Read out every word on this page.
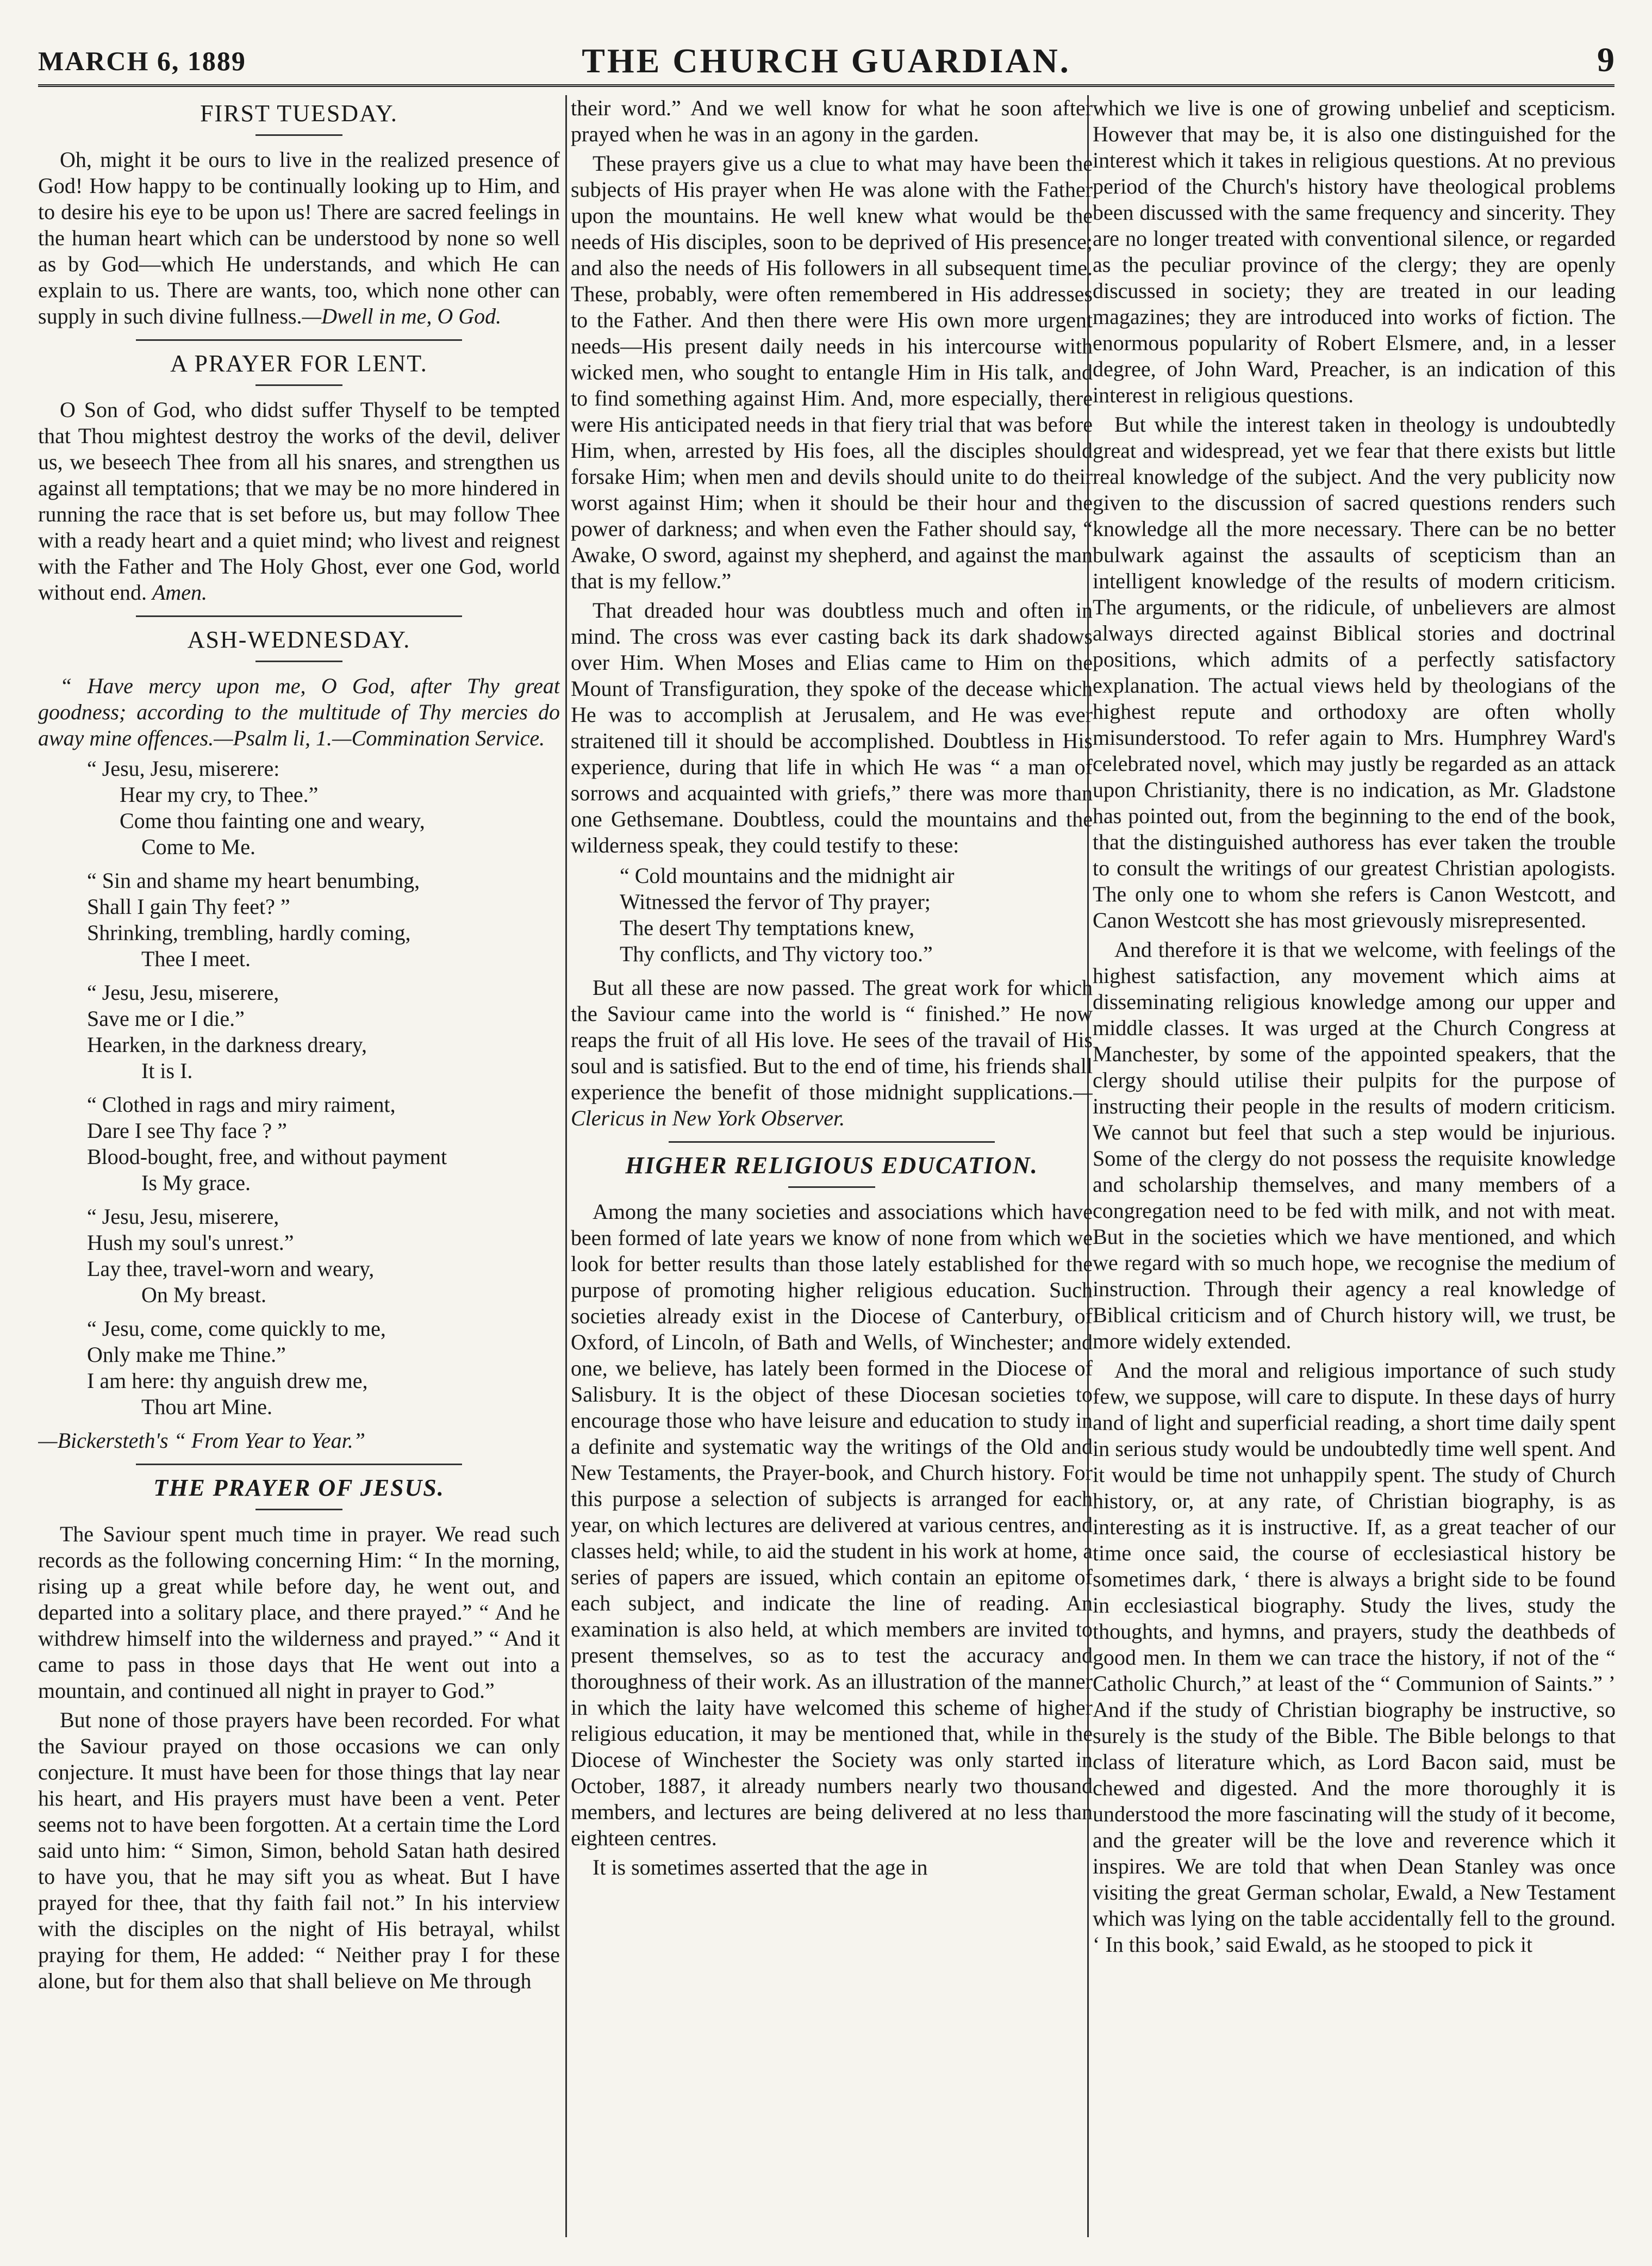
MARCH 6, 1889	THE CHURCH GUARDIAN.	9
FIRST TUESDAY.

Oh, might it be ours to live in the realized presence of God! How happy to be continually looking up to Him, and to desire his eye to be upon us! There are sacred feelings in the human heart which can be understood by none so well as by God—which He understands, and which He can explain to us. There are wants, too, which none other can supply in such divine fullness.—Dwell in me, O God.

A PRAYER FOR LENT.

O Son of God, who didst suffer Thyself to be tempted that Thou mightest destroy the works of the devil, deliver us, we beseech Thee from all his snares, and strengthen us against all temptations; that we may be no more hindered in running the race that is set before us, but may follow Thee with a ready heart and a quiet mind; who livest and reignest with the Father and The Holy Ghost, ever one God, world without end. Amen.

ASH-WEDNESDAY.

“ Have mercy upon me, O God, after Thy great goodness; according to the multitude of Thy mercies do away mine offences.—Psalm li, 1.—Commination Service.

“ Jesu, Jesu, miserere:
Hear my cry, to Thee.”
Come thou fainting one and weary,
Come to Me.
“ Sin and shame my heart benumbing,
Shall I gain Thy feet? ”
Shrinking, trembling, hardly coming,
Thee I meet.
“ Jesu, Jesu, miserere,
Save me or I die.”
Hearken, in the darkness dreary,
It is I.
“ Clothed in rags and miry raiment,
Dare I see Thy face ? ”
Blood-bought, free, and without payment
Is My grace.
“ Jesu, Jesu, miserere,
Hush my soul's unrest.”
Lay thee, travel-worn and weary,
On My breast.
“ Jesu, come, come quickly to me,
Only make me Thine.”
I am here: thy anguish drew me,
Thou art Mine.

—Bickersteth's “ From Year to Year.”

THE PRAYER OF JESUS.

The Saviour spent much time in prayer. We read such records as the following concerning Him: “ In the morning, rising up a great while before day, he went out, and departed into a solitary place, and there prayed.” “ And he withdrew himself into the wilderness and prayed.” “ And it came to pass in those days that He went out into a mountain, and continued all night in prayer to God.”

But none of those prayers have been recorded. For what the Saviour prayed on those occasions we can only conjecture. It must have been for those things that lay near his heart, and His prayers must have been a vent. Peter seems not to have been forgotten. At a certain time the Lord said unto him: “ Simon, Simon, behold Satan hath desired to have you, that he may sift you as wheat. But I have prayed for thee, that thy faith fail not.” In his interview with the disciples on the night of His betrayal, whilst praying for them, He added: “ Neither pray I for these alone, but for them also that shall believe on Me through

their word.” And we well know for what he soon after prayed when he was in an agony in the garden.

These prayers give us a clue to what may have been the subjects of His prayer when He was alone with the Father upon the mountains. He well knew what would be the needs of His disciples, soon to be deprived of His presence; and also the needs of His followers in all subsequent time. These, probably, were often remembered in His addresses to the Father. And then there were His own more urgent needs—His present daily needs in his intercourse with wicked men, who sought to entangle Him in His talk, and to find something against Him. And, more especially, there were His anticipated needs in that fiery trial that was before Him, when, arrested by His foes, all the disciples should forsake Him; when men and devils should unite to do their worst against Him; when it should be their hour and the power of darkness; and when even the Father should say, “ Awake, O sword, against my shepherd, and against the man that is my fellow.”

That dreaded hour was doubtless much and often in mind. The cross was ever casting back its dark shadows over Him. When Moses and Elias came to Him on the Mount of Transfiguration, they spoke of the decease which He was to accomplish at Jerusalem, and He was ever straitened till it should be accomplished. Doubtless in His experience, during that life in which He was “ a man of sorrows and acquainted with griefs,” there was more than one Gethsemane. Doubtless, could the mountains and the wilderness speak, they could testify to these:

“ Cold mountains and the midnight air
Witnessed the fervor of Thy prayer;
The desert Thy temptations knew,
Thy conflicts, and Thy victory too.”

But all these are now passed. The great work for which the Saviour came into the world is “ finished.” He now reaps the fruit of all His love. He sees of the travail of His soul and is satisfied. But to the end of time, his friends shall experience the benefit of those midnight supplications.—Clericus in New York Observer.

HIGHER RELIGIOUS EDUCATION.

Among the many societies and associations which have been formed of late years we know of none from which we look for better results than those lately established for the purpose of promoting higher religious education. Such societies already exist in the Diocese of Canterbury, of Oxford, of Lincoln, of Bath and Wells, of Winchester; and one, we believe, has lately been formed in the Diocese of Salisbury. It is the object of these Diocesan societies to encourage those who have leisure and education to study in a definite and systematic way the writings of the Old and New Testaments, the Prayer-book, and Church history. For this purpose a selection of subjects is arranged for each year, on which lectures are delivered at various centres, and classes held; while, to aid the student in his work at home, a series of papers are issued, which contain an epitome of each subject, and indicate the line of reading. An examination is also held, at which members are invited to present themselves, so as to test the accuracy and thoroughness of their work. As an illustration of the manner in which the laity have welcomed this scheme of higher religious education, it may be mentioned that, while in the Diocese of Winchester the Society was only started in October, 1887, it already numbers nearly two thousand members, and lectures are being delivered at no less than eighteen centres.

It is sometimes asserted that the age in

which we live is one of growing unbelief and scepticism. However that may be, it is also one distinguished for the interest which it takes in religious questions. At no previous period of the Church's history have theological problems been discussed with the same frequency and sincerity. They are no longer treated with conventional silence, or regarded as the peculiar province of the clergy; they are openly discussed in society; they are treated in our leading magazines; they are introduced into works of fiction. The enormous popularity of Robert Elsmere, and, in a lesser degree, of John Ward, Preacher, is an indication of this interest in religious questions.

But while the interest taken in theology is undoubtedly great and widespread, yet we fear that there exists but little real knowledge of the subject. And the very publicity now given to the discussion of sacred questions renders such knowledge all the more necessary. There can be no better bulwark against the assaults of scepticism than an intelligent knowledge of the results of modern criticism. The arguments, or the ridicule, of unbelievers are almost always directed against Biblical stories and doctrinal positions, which admits of a perfectly satisfactory explanation. The actual views held by theologians of the highest repute and orthodoxy are often wholly misunderstood. To refer again to Mrs. Humphrey Ward's celebrated novel, which may justly be regarded as an attack upon Christianity, there is no indication, as Mr. Gladstone has pointed out, from the beginning to the end of the book, that the distinguished authoress has ever taken the trouble to consult the writings of our greatest Christian apologists. The only one to whom she refers is Canon Westcott, and Canon Westcott she has most grievously misrepresented.

And therefore it is that we welcome, with feelings of the highest satisfaction, any movement which aims at disseminating religious knowledge among our upper and middle classes. It was urged at the Church Congress at Manchester, by some of the appointed speakers, that the clergy should utilise their pulpits for the purpose of instructing their people in the results of modern criticism. We cannot but feel that such a step would be injurious. Some of the clergy do not possess the requisite knowledge and scholarship themselves, and many members of a congregation need to be fed with milk, and not with meat. But in the societies which we have mentioned, and which we regard with so much hope, we recognise the medium of instruction. Through their agency a real knowledge of Biblical criticism and of Church history will, we trust, be more widely extended.

And the moral and religious importance of such study few, we suppose, will care to dispute. In these days of hurry and of light and superficial reading, a short time daily spent in serious study would be undoubtedly time well spent. And it would be time not unhappily spent. The study of Church history, or, at any rate, of Christian biography, is as interesting as it is instructive. If, as a great teacher of our time once said, the course of ecclesiastical history be sometimes dark, ‘ there is always a bright side to be found in ecclesiastical biography. Study the lives, study the thoughts, and hymns, and prayers, study the deathbeds of good men. In them we can trace the history, if not of the “ Catholic Church,” at least of the “ Communion of Saints.” ’ And if the study of Christian biography be instructive, so surely is the study of the Bible. The Bible belongs to that class of literature which, as Lord Bacon said, must be chewed and digested. And the more thoroughly it is understood the more fascinating will the study of it become, and the greater will be the love and reverence which it inspires. We are told that when Dean Stanley was once visiting the great German scholar, Ewald, a New Testament which was lying on the table accidentally fell to the ground. ‘ In this book,’ said Ewald, as he stooped to pick it
